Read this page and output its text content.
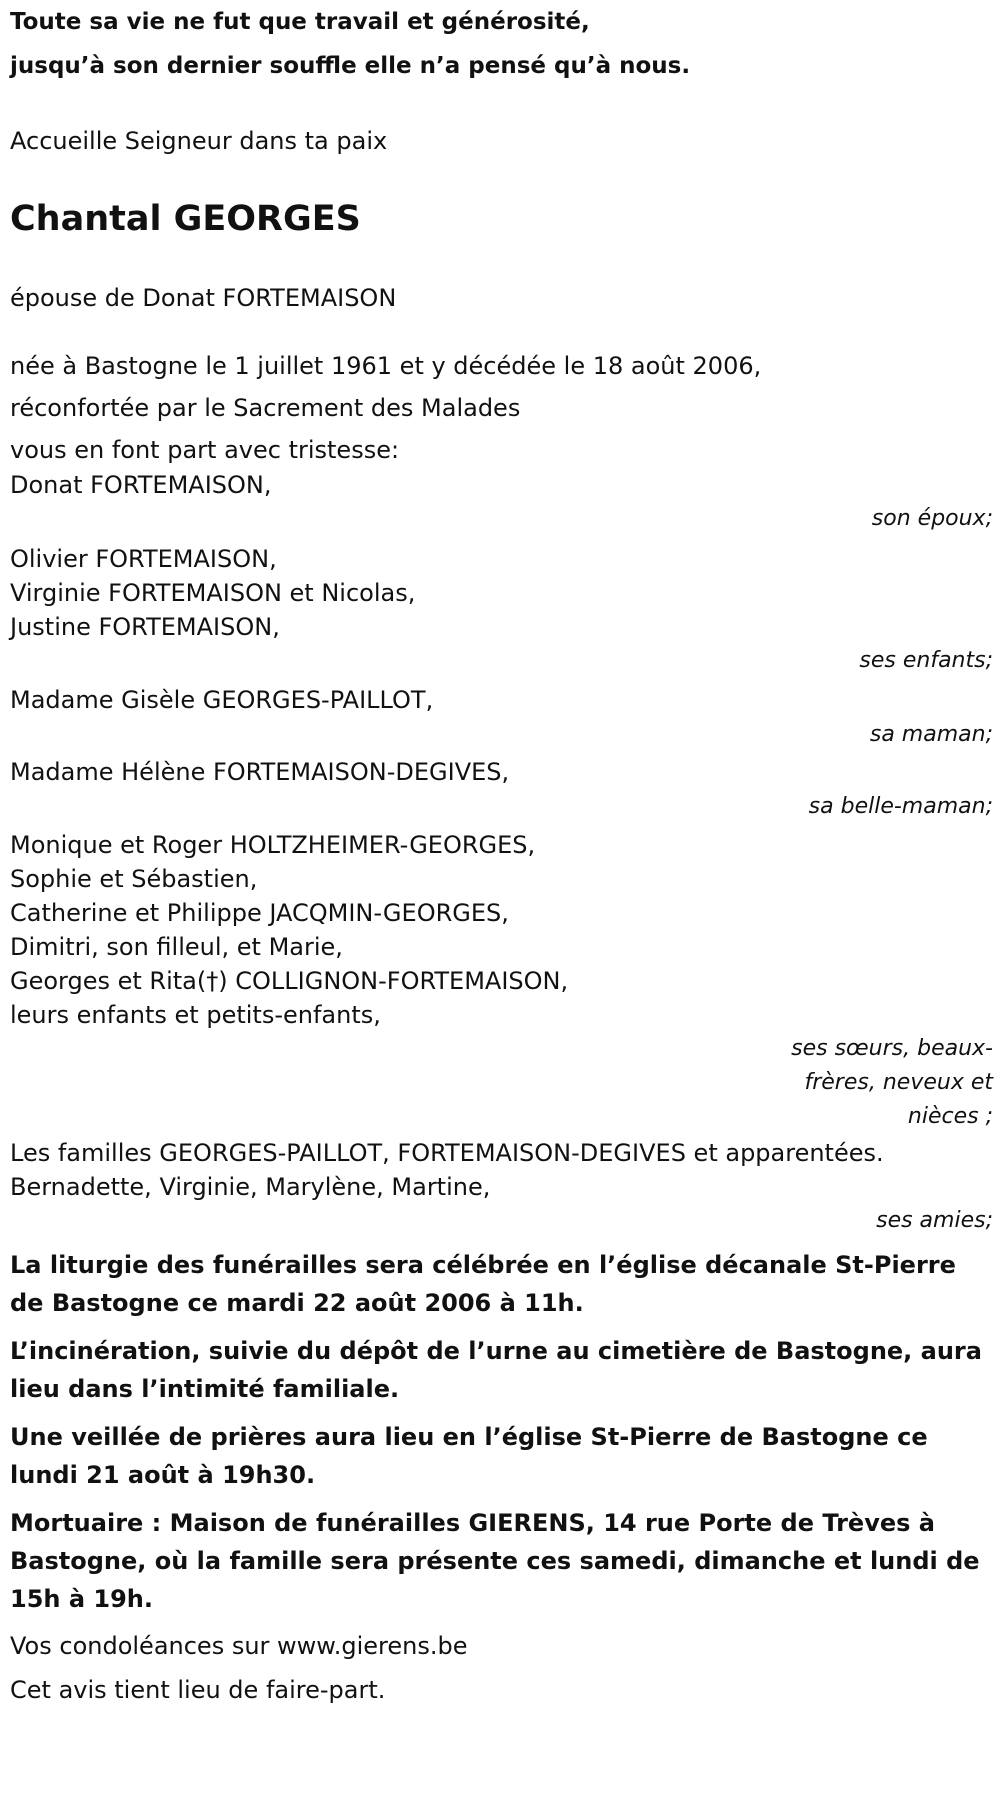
Toute sa vie ne fut que travail et générosité,

jusqu’à son dernier souffle elle n’a pensé qu’à nous.

Accueille Seigneur dans ta paix

Chantal GEORGES

épouse de Donat FORTEMAISON

née à Bastogne le 1 juillet 1961 et y décédée le 18 août 2006,

réconfortée par le Sacrement des Malades

vous en font part avec tristesse:

Donat FORTEMAISON,

son époux;

Olivier FORTEMAISON,

Virginie FORTEMAISON et Nicolas,

Justine FORTEMAISON,

ses enfants;

Madame Gisèle GEORGES-PAILLOT,

sa maman;

Madame Hélène FORTEMAISON-DEGIVES,

sa belle-maman;

Monique et Roger HOLTZHEIMER-GEORGES,

Sophie et Sébastien,

Catherine et Philippe JACQMIN-GEORGES,

Dimitri, son filleul, et Marie,

Georges et Rita(†) COLLIGNON-FORTEMAISON,

leurs enfants et petits-enfants,

ses sœurs, beaux-frères, neveux et nièces ;

Les familles GEORGES-PAILLOT, FORTEMAISON-DEGIVES et apparentées.

Bernadette, Virginie, Marylène, Martine,

ses amies;

La liturgie des funérailles sera célébrée en l’église décanale St-Pierre de Bastogne ce mardi 22 août 2006 à 11h.

L’incinération, suivie du dépôt de l’urne au cimetière de Bastogne, aura lieu dans l’intimité familiale.

Une veillée de prières aura lieu en l’église St-Pierre de Bastogne ce lundi 21 août à 19h30.

Mortuaire : Maison de funérailles GIERENS, 14 rue Porte de Trèves à Bastogne, où la famille sera présente ces samedi, dimanche et lundi de 15h à 19h.

Vos condoléances sur www.gierens.be

Cet avis tient lieu de faire-part.
